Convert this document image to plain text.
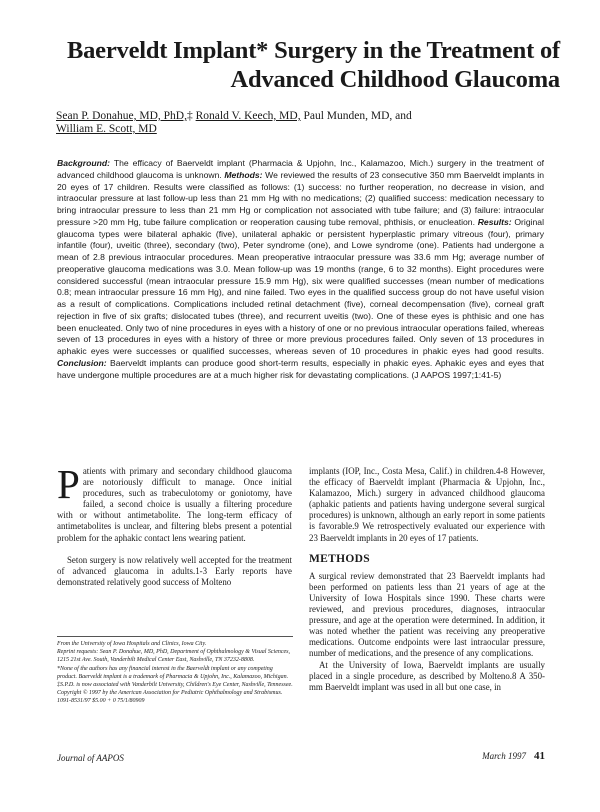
Baerveldt Implant* Surgery in the Treatment of Advanced Childhood Glaucoma
Sean P. Donahue, MD, PhD,‡ Ronald V. Keech, MD, Paul Munden, MD, and
William E. Scott, MD
Background: The efficacy of Baerveldt implant (Pharmacia & Upjohn, Inc., Kalamazoo, Mich.) surgery in the treatment of advanced childhood glaucoma is unknown. Methods: We reviewed the results of 23 consecutive 350 mm Baerveldt implants in 20 eyes of 17 children. Results were classified as follows: (1) success: no further reoperation, no decrease in vision, and intraocular pressure at last follow-up less than 21 mm Hg with no medications; (2) qualified success: medication necessary to bring intraocular pressure to less than 21 mm Hg or complication not associated with tube failure; and (3) failure: intraocular pressure >20 mm Hg, tube failure complication or reoperation causing tube removal, phthisis, or enucleation. Results: Original glaucoma types were bilateral aphakic (five), unilateral aphakic or persistent hyperplastic primary vitreous (four), primary infantile (four), uveitic (three), secondary (two), Peter syndrome (one), and Lowe syndrome (one). Patients had undergone a mean of 2.8 previous intraocular procedures. Mean preoperative intraocular pressure was 33.6 mm Hg; average number of preoperative glaucoma medications was 3.0. Mean follow-up was 19 months (range, 6 to 32 months). Eight procedures were considered successful (mean intraocular pressure 15.9 mm Hg), six were qualified successes (mean number of medications 0.8; mean intraocular pressure 16 mm Hg), and nine failed. Two eyes in the qualified success group do not have useful vision as a result of complications. Complications included retinal detachment (five), corneal decompensation (five), corneal graft rejection in five of six grafts; dislocated tubes (three), and recurrent uveitis (two). One of these eyes is phthisic and one has been enucleated. Only two of nine procedures in eyes with a history of one or no previous intraocular operations failed, whereas seven of 13 procedures in eyes with a history of three or more previous procedures failed. Only seven of 13 procedures in aphakic eyes were successes or qualified successes, whereas seven of 10 procedures in phakic eyes had good results. Conclusion: Baerveldt implants can produce good short-term results, especially in phakic eyes. Aphakic eyes and eyes that have undergone multiple procedures are at a much higher risk for devastating complications. (J AAPOS 1997;1:41-5)

Patients with primary and secondary childhood glaucoma are notoriously difficult to manage. Once initial procedures, such as trabeculotomy or goniotomy, have failed, a second choice is usually a filtering procedure with or without antimetabolite. The long-term efficacy of antimetabolites is unclear, and filtering blebs present a potential problem for the aphakic contact lens wearing patient.

Seton surgery is now relatively well accepted for the treatment of advanced glaucoma in adults.1-3 Early reports have demonstrated relatively good success of Molteno

implants (IOP, Inc., Costa Mesa, Calif.) in children.4-8 However, the efficacy of Baerveldt implant (Pharmacia & Upjohn, Inc., Kalamazoo, Mich.) surgery in advanced childhood glaucoma (aphakic patients and patients having undergone several surgical procedures) is unknown, although an early report in some patients is favorable.9 We retrospectively evaluated our experience with 23 Baerveldt implants in 20 eyes of 17 patients.

METHODS

A surgical review demonstrated that 23 Baerveldt implants had been performed on patients less than 21 years of age at the University of Iowa Hospitals since 1990. These charts were reviewed, and previous procedures, diagnoses, intraocular pressure, and age at the operation were determined. In addition, it was noted whether the patient was receiving any preoperative medications. Outcome endpoints were last intraocular pressure, number of medications, and the presence of any complications.

At the University of Iowa, Baerveldt implants are usually placed in a single procedure, as described by Molteno.8 A 350-mm Baerveldt implant was used in all but one case, in

From the University of Iowa Hospitals and Clinics, Iowa City.
Reprint requests: Sean P. Donahue, MD, PhD, Department of Ophthalmology & Visual Sciences, 1215 21st Ave. South, Vanderbilt Medical Center East, Nashville, TN 37232-8808.
*None of the authors has any financial interest in the Baerveldt implant or any competing product. Baerveldt implant is a trademark of Pharmacia & Upjohn, Inc., Kalamazoo, Michigan.
‡S.P.D. is now associated with Vanderbilt University, Children's Eye Center, Nashville, Tennessee.
Copyright © 1997 by the American Association for Pediatric Ophthalmology and Strabismus.
1091-8531/97 $5.00 + 0 75/1/80909
Journal of AAPOS	March 1997 41
